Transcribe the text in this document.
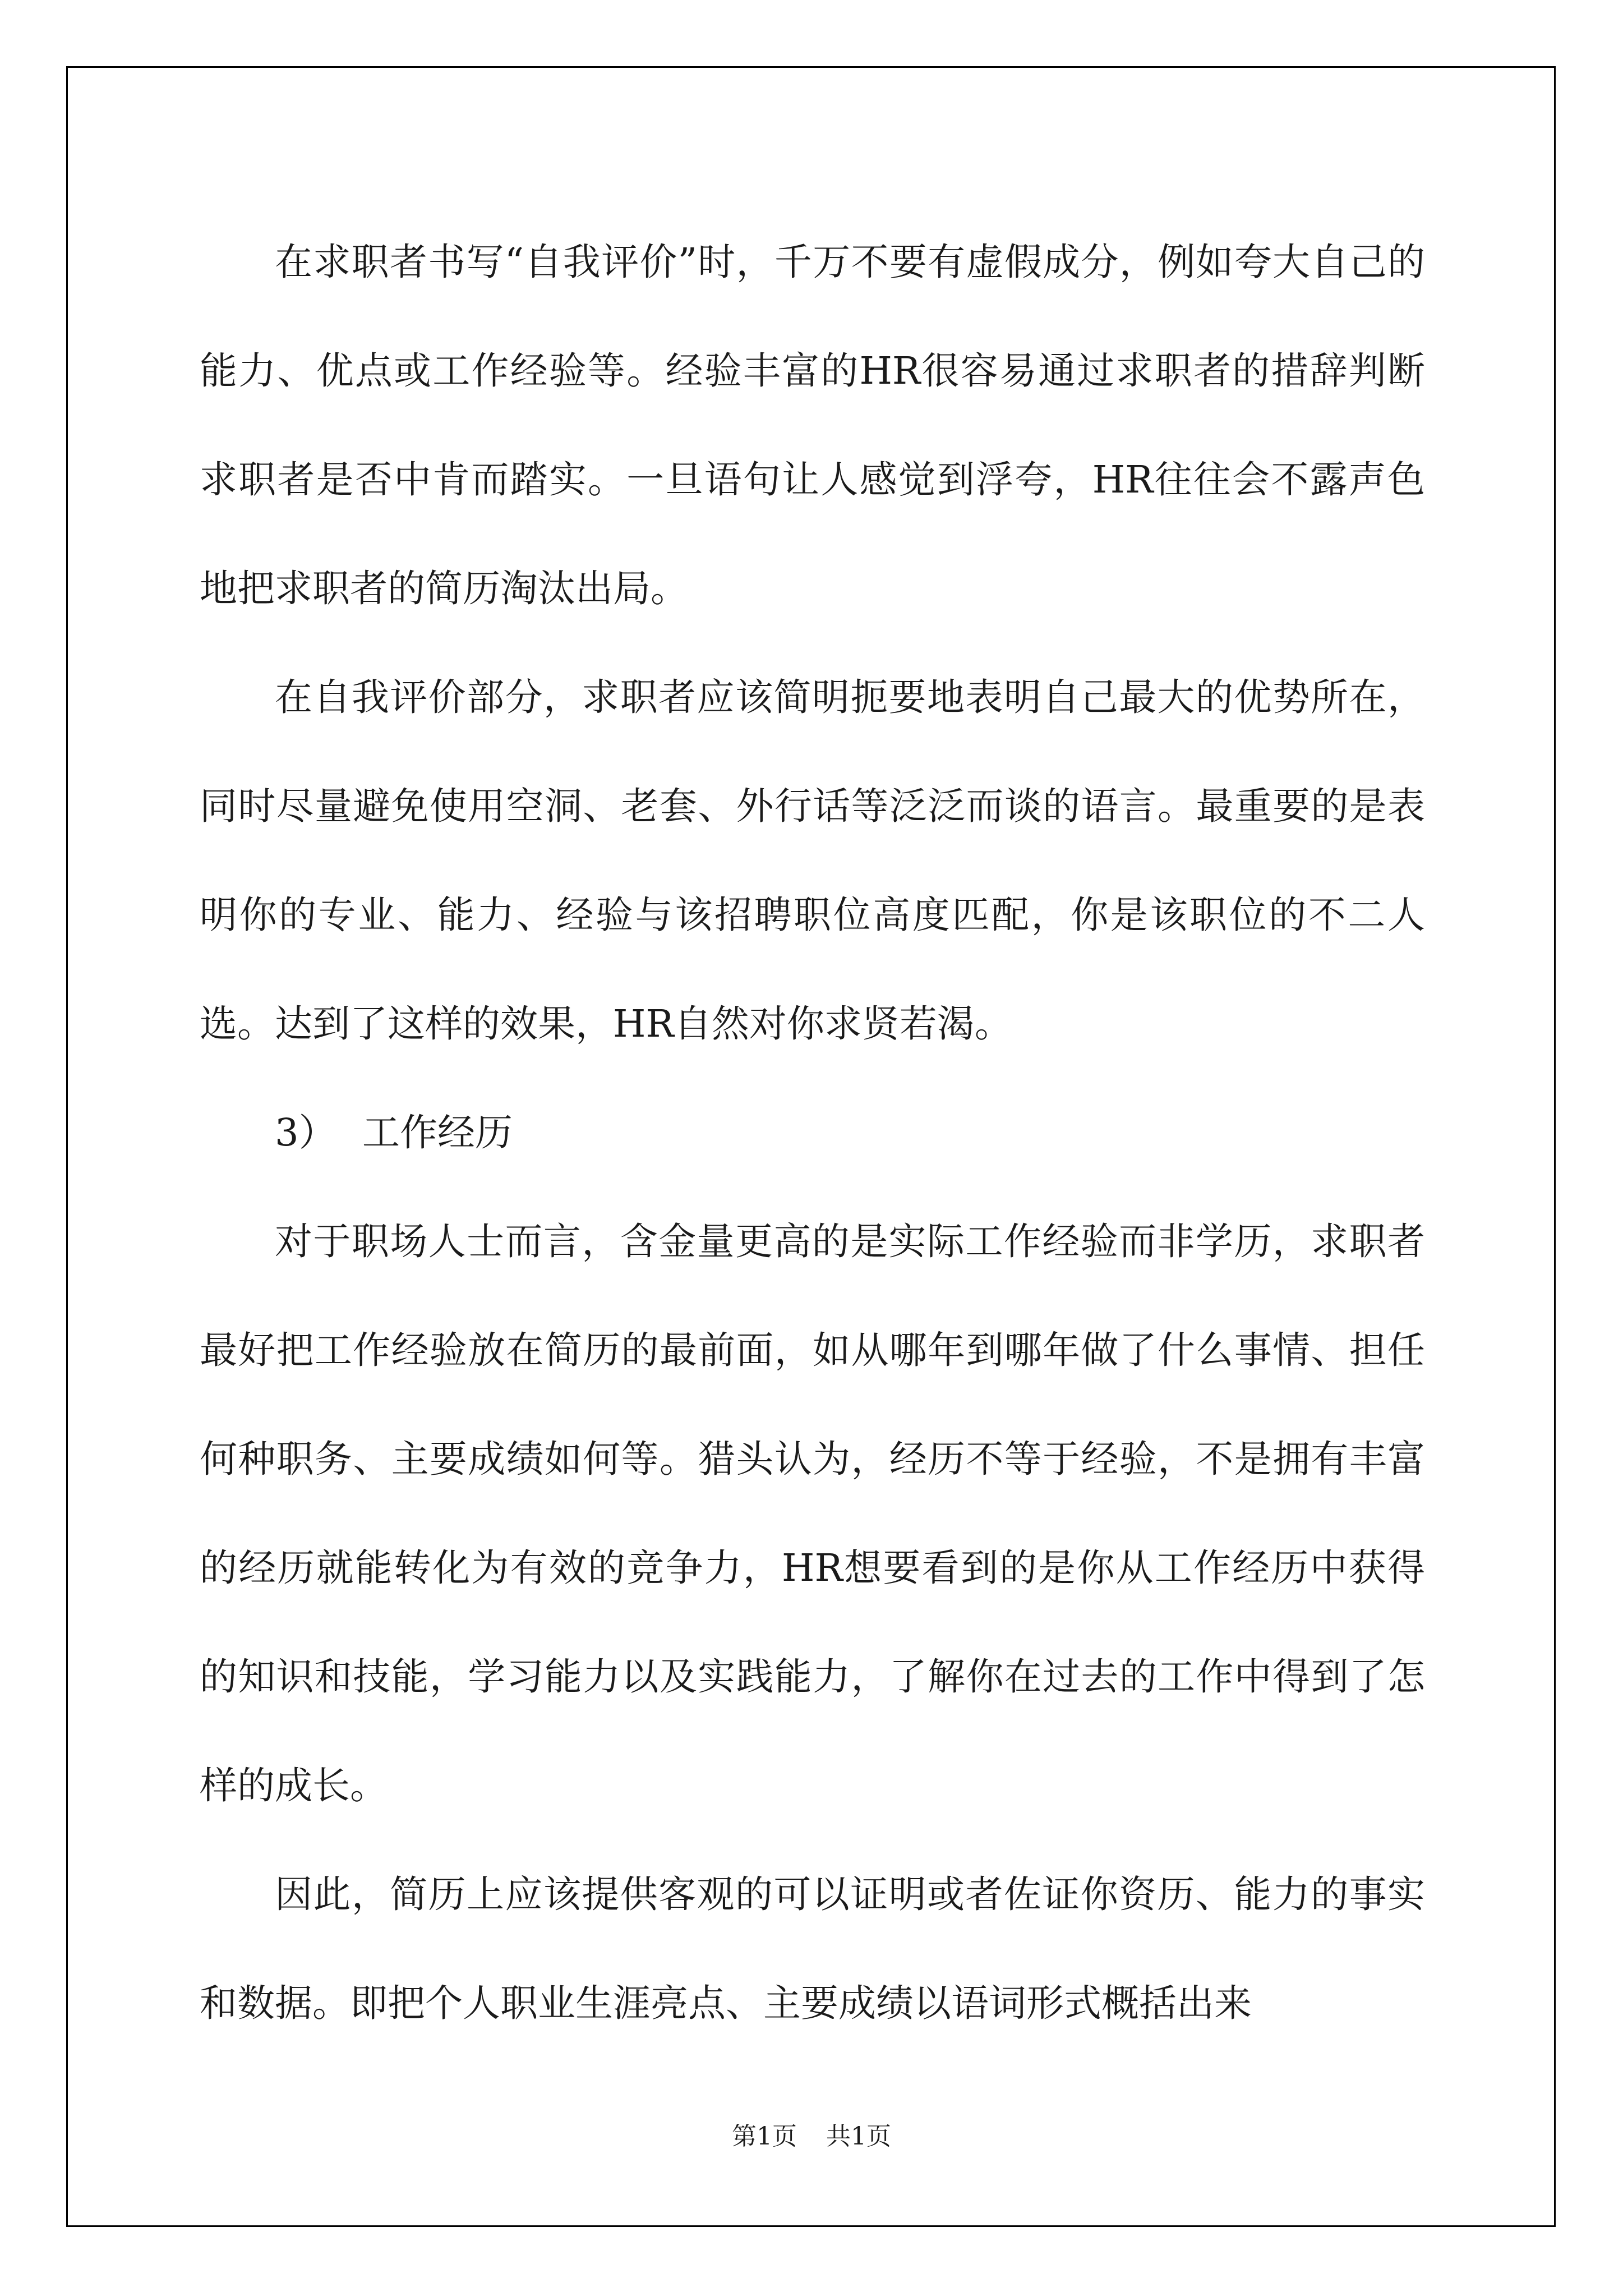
在求职者书写“自我评价”时，千万不要有虚假成分，例如夸大自己的能力、优点或工作经验等。经验丰富的HR很容易通过求职者的措辞判断求职者是否中肯而踏实。一旦语句让人感觉到浮夸，HR往往会不露声色地把求职者的简历淘汰出局。

在自我评价部分，求职者应该简明扼要地表明自己最大的优势所在，同时尽量避免使用空洞、老套、外行话等泛泛而谈的语言。最重要的是表明你的专业、能力、经验与该招聘职位高度匹配，你是该职位的不二人选。达到了这样的效果，HR自然对你求贤若渴。

3） 工作经历

对于职场人士而言，含金量更高的是实际工作经验而非学历，求职者最好把工作经验放在简历的最前面，如从哪年到哪年做了什么事情、担任何种职务、主要成绩如何等。猎头认为，经历不等于经验，不是拥有丰富的经历就能转化为有效的竞争力，HR想要看到的是你从工作经历中获得的知识和技能，学习能力以及实践能力，了解你在过去的工作中得到了怎样的成长。

因此，简历上应该提供客观的可以证明或者佐证你资历、能力的事实和数据。即把个人职业生涯亮点、主要成绩以语词形式概括出来

第1页 共1页
